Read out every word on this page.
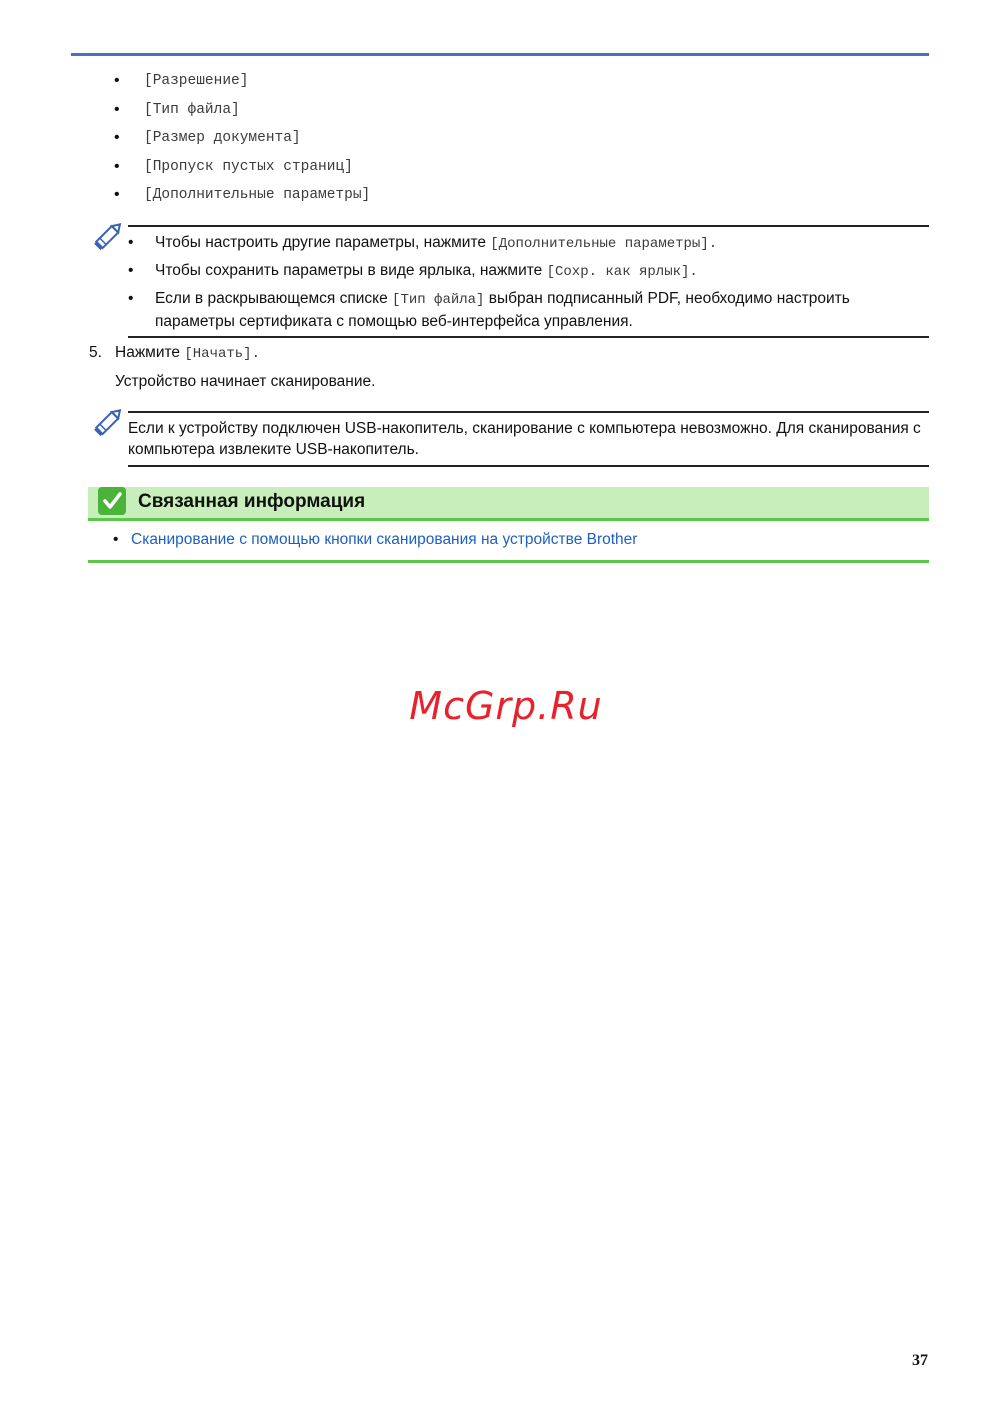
• [Разрешение]
• [Тип файла]
• [Размер документа]
• [Пропуск пустых страниц]
• [Дополнительные параметры]
• Чтобы настроить другие параметры, нажмите [Дополнительные параметры].
• Чтобы сохранить параметры в виде ярлыка, нажмите [Сохр. как ярлык].
• Если в раскрывающемся списке [Тип файла] выбран подписанный PDF, необходимо настроить параметры сертификата с помощью веб-интерфейса управления.
5. Нажмите [Начать].
Устройство начинает сканирование.
Если к устройству подключен USB-накопитель, сканирование с компьютера невозможно. Для сканирования с компьютера извлеките USB-накопитель.
Связанная информация
• Сканирование с помощью кнопки сканирования на устройстве Brother
McGrp.Ru
37
